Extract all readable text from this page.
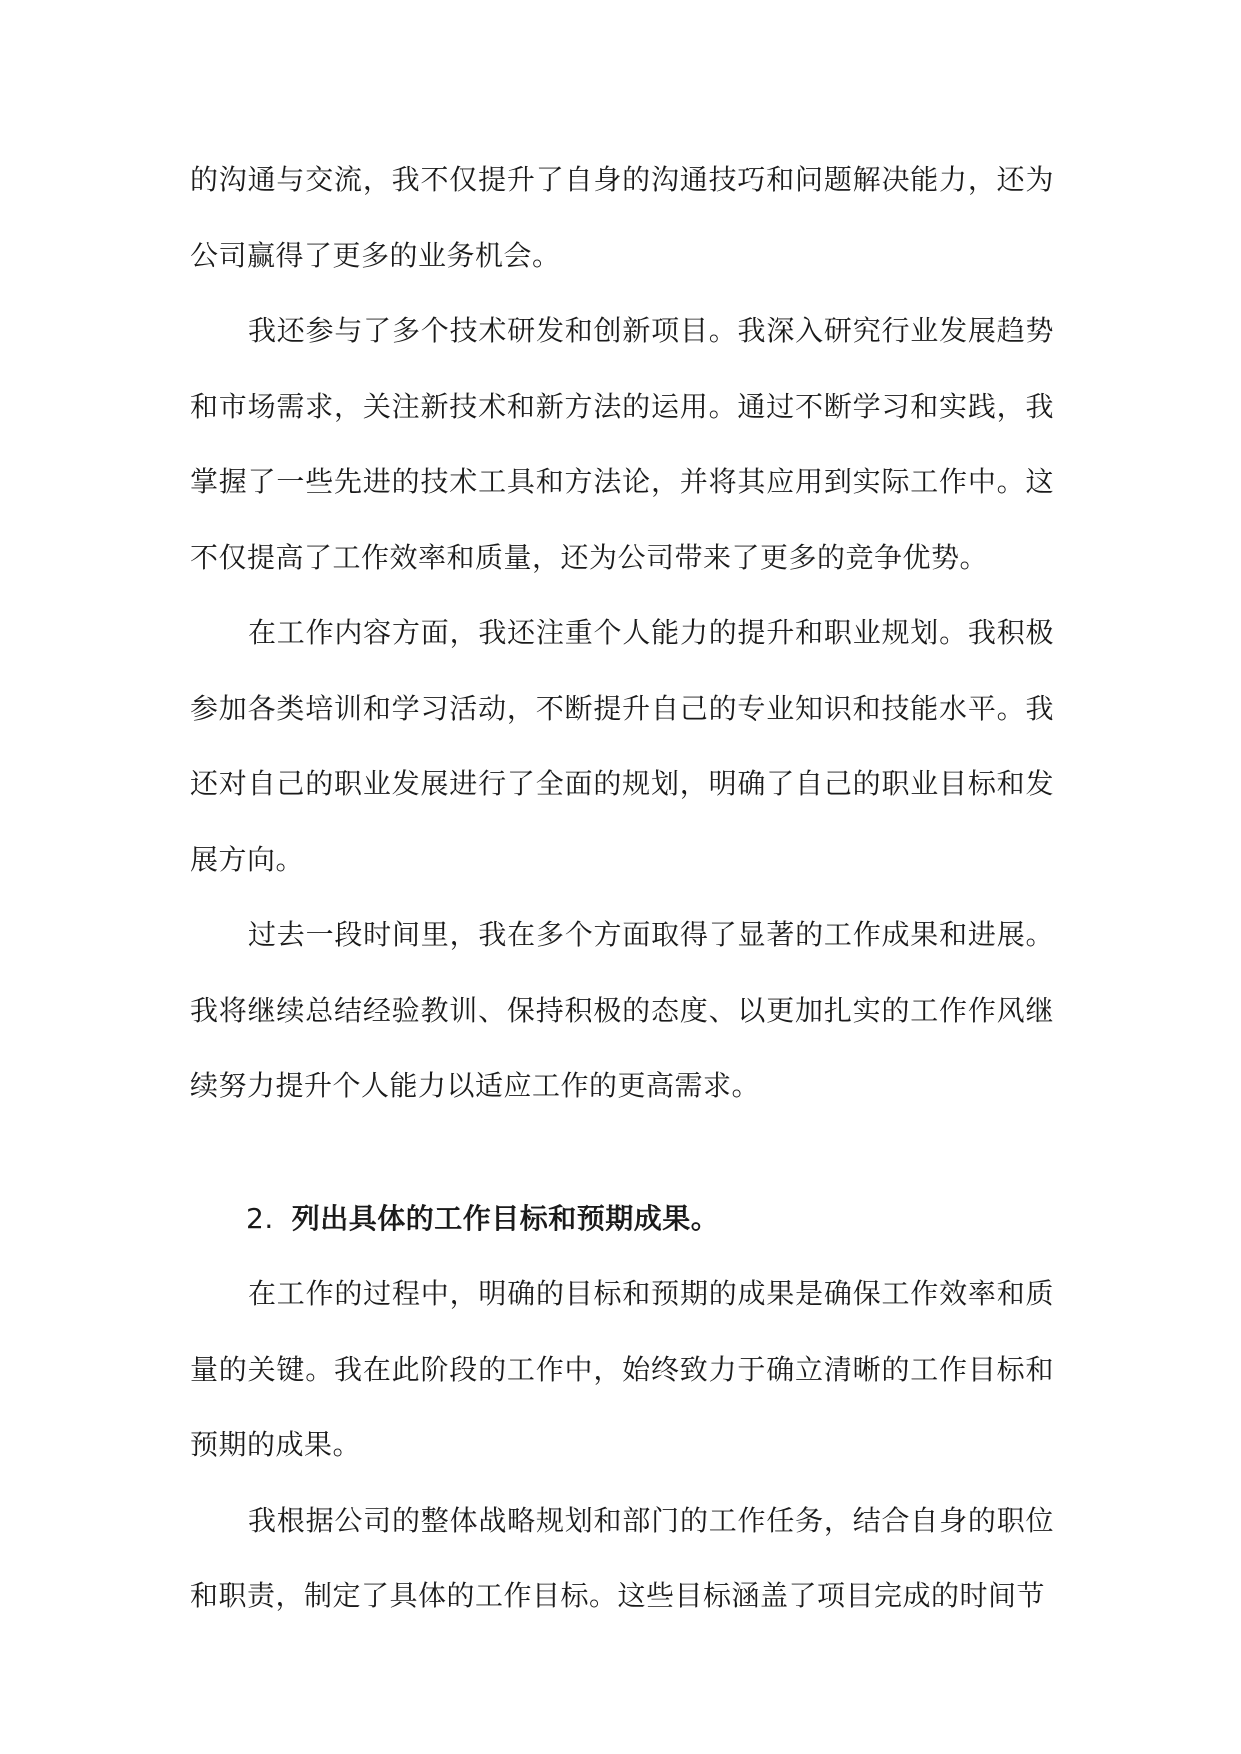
的沟通与交流，我不仅提升了自身的沟通技巧和问题解决能力，还为公司赢得了更多的业务机会。

我还参与了多个技术研发和创新项目。我深入研究行业发展趋势和市场需求，关注新技术和新方法的运用。通过不断学习和实践，我掌握了一些先进的技术工具和方法论，并将其应用到实际工作中。这不仅提高了工作效率和质量，还为公司带来了更多的竞争优势。

在工作内容方面，我还注重个人能力的提升和职业规划。我积极参加各类培训和学习活动，不断提升自己的专业知识和技能水平。我还对自己的职业发展进行了全面的规划，明确了自己的职业目标和发展方向。

过去一段时间里，我在多个方面取得了显著的工作成果和进展。我将继续总结经验教训、保持积极的态度、以更加扎实的工作作风继续努力提升个人能力以适应工作的更高需求。

2. 列出具体的工作目标和预期成果。

在工作的过程中，明确的目标和预期的成果是确保工作效率和质量的关键。我在此阶段的工作中，始终致力于确立清晰的工作目标和预期的成果。

我根据公司的整体战略规划和部门的工作任务，结合自身的职位和职责，制定了具体的工作目标。这些目标涵盖了项目完成的时间节
